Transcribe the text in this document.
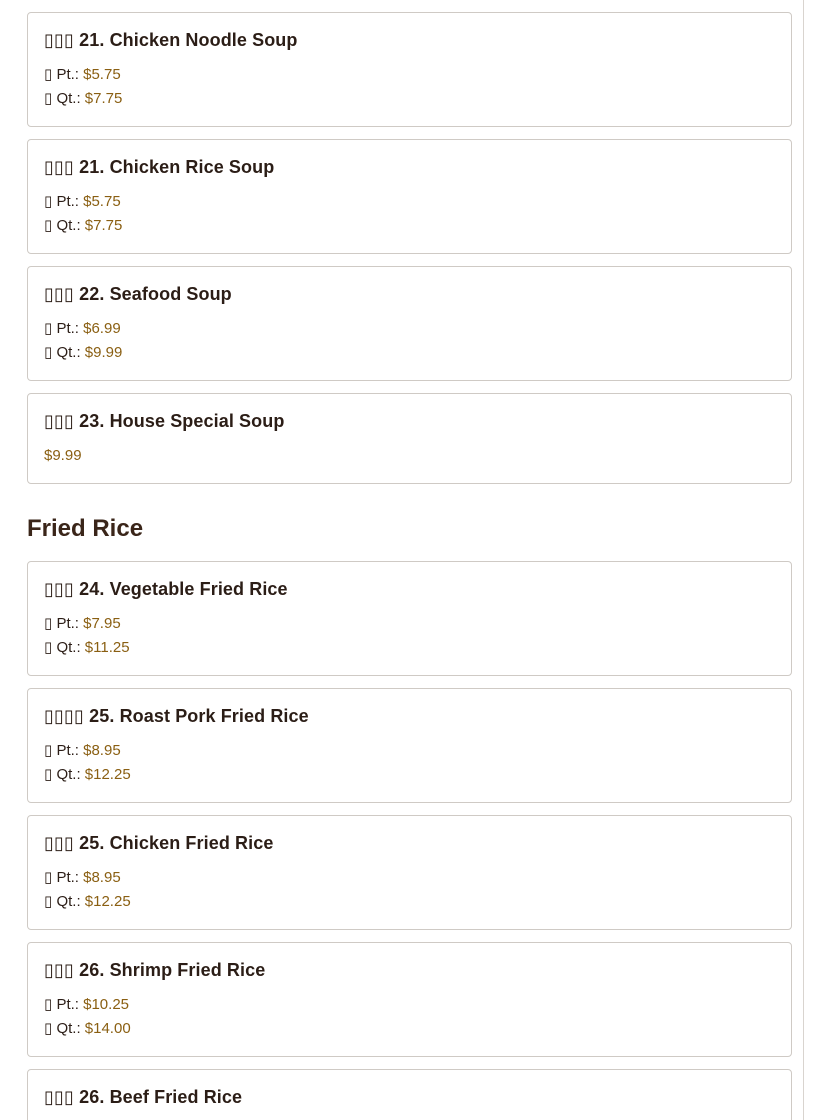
▯▯▯ 21. Chicken Noodle Soup
▯ Pt.: $5.75
▯ Qt.: $7.75
▯▯▯ 21. Chicken Rice Soup
▯ Pt.: $5.75
▯ Qt.: $7.75
▯▯▯ 22. Seafood Soup
▯ Pt.: $6.99
▯ Qt.: $9.99
▯▯▯ 23. House Special Soup
$9.99
Fried Rice
▯▯▯ 24. Vegetable Fried Rice
▯ Pt.: $7.95
▯ Qt.: $11.25
▯▯▯▯ 25. Roast Pork Fried Rice
▯ Pt.: $8.95
▯ Qt.: $12.25
▯▯▯ 25. Chicken Fried Rice
▯ Pt.: $8.95
▯ Qt.: $12.25
▯▯▯ 26. Shrimp Fried Rice
▯ Pt.: $10.25
▯ Qt.: $14.00
▯▯▯ 26. Beef Fried Rice
